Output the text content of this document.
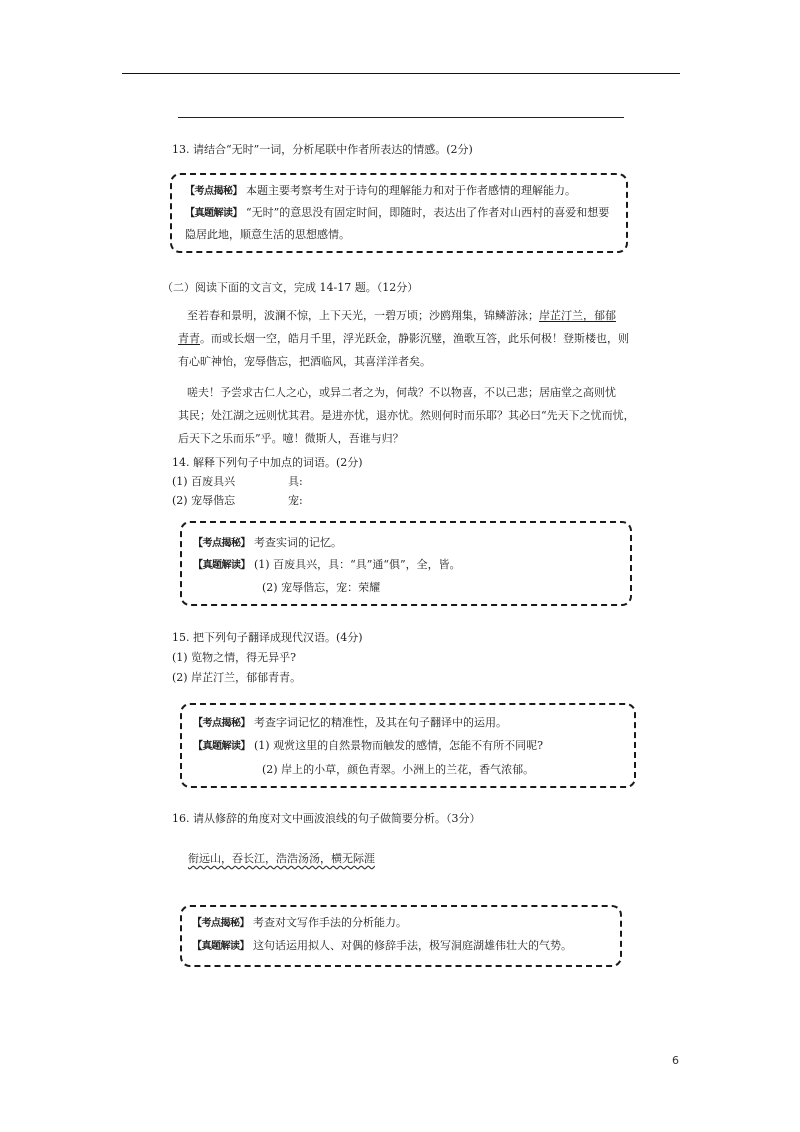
13. 请结合“无时”一词，分析尾联中作者所表达的情感。(2分)
【考点揭秘】 本题主要考察考生对于诗句的理解能力和对于作者感情的理解能力。
【真题解读】 “无时”的意思没有固定时间，即随时，表达出了作者对山西村的喜爱和想要
隐居此地，顺意生活的思想感情。
（二）阅读下面的文言文，完成 14-17 题。（12分）
至若春和景明，波澜不惊，上下天光，一碧万顷；沙鸥翔集，锦鳞游泳；岸芷汀兰，郁郁
青青。而或长烟一空，皓月千里，浮光跃金，静影沉璧，渔歌互答，此乐何极！登斯楼也，则
有心旷神怡，宠辱偕忘，把酒临风，其喜洋洋者矣。
嗟夫！予尝求古仁人之心，或异二者之为，何哉？不以物喜，不以己悲；居庙堂之高则忧
其民；处江湖之远则忧其君。是进亦忧，退亦忧。然则何时而乐耶？其必曰“先天下之忧而忧，
后天下之乐而乐”乎。噫！微斯人，吾谁与归？
14. 解释下列句子中加点的词语。(2分)
(1) 百废具兴	具:
(2) 宠辱偕忘	宠:
【考点揭秘】 考查实词的记忆。
【真题解读】 (1) 百废具兴，具：“具”通“俱”，全，皆。
(2) 宠辱偕忘，宠：荣耀
15. 把下列句子翻译成现代汉语。(4分)
(1) 览物之情，得无异乎?
(2) 岸芷汀兰，郁郁青青。
【考点揭秘】 考查字词记忆的精准性，及其在句子翻译中的运用。
【真题解读】 (1) 观赏这里的自然景物而触发的感情，怎能不有所不同呢?
(2) 岸上的小草，颜色青翠。小洲上的兰花，香气浓郁。
16. 请从修辞的角度对文中画波浪线的句子做简要分析。（3分）
衔远山，吞长江，浩浩汤汤，横无际涯
【考点揭秘】 考查对文写作手法的分析能力。
【真题解读】 这句话运用拟人、对偶的修辞手法，极写洞庭湖雄伟壮大的气势。
6
